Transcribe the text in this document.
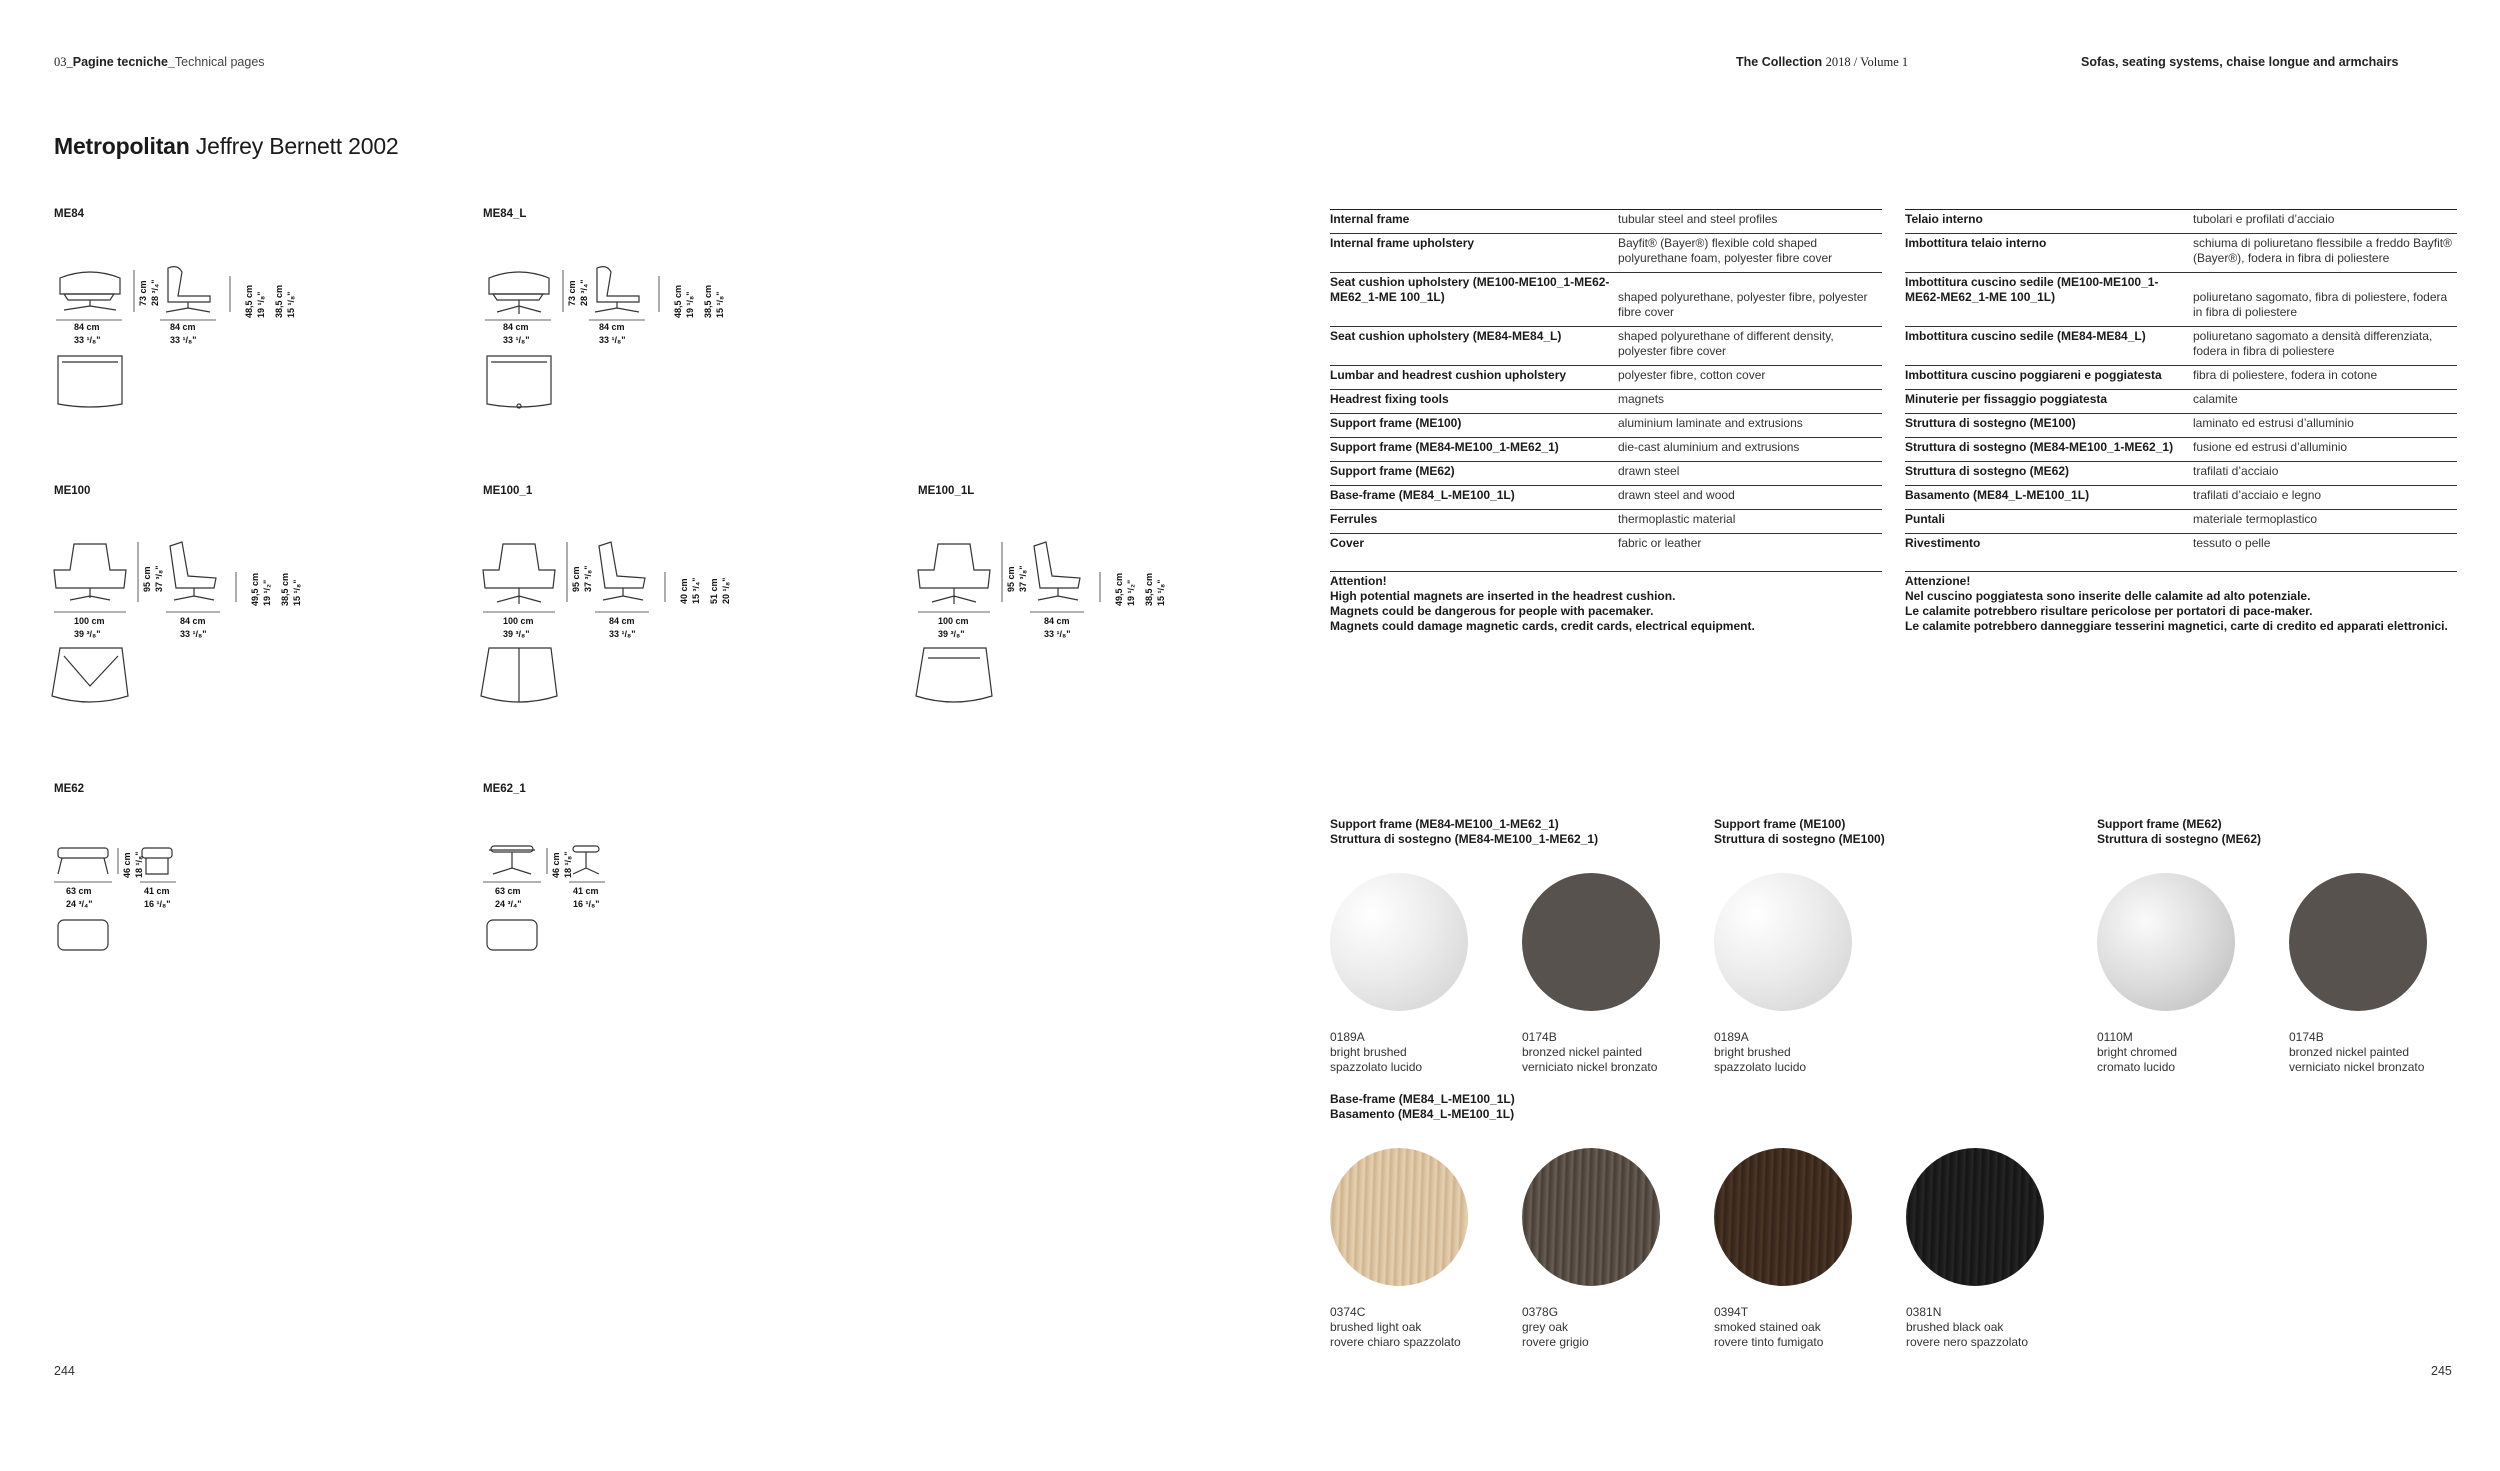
03_Pagine tecniche_Technical pages	The Collection 2018 / Volume 1	Sofas, seating systems, chaise longue and armchairs
Metropolitan Jeffrey Bernett 2002
ME84
84 cm
33 ¹/₈"
84 cm
33 ¹/₈"
73 cm 28 ³/₄"	48,5 cm 19 ¹/₈" 38,5 cm 15 ¹/₈"
ME84_L
84 cm
33 ¹/₈"
84 cm
33 ¹/₈"
73 cm 28 ³/₄"	48,5 cm 19 ¹/₈" 38,5 cm 15 ¹/₈"
ME100
100 cm
39 ³/₈"
84 cm
33 ¹/₈"
95 cm 37 ³/₈"	49,5 cm 19 ¹/₂" 38,5 cm 15 ¹/₈"
ME100_1
100 cm
39 ³/₈"
84 cm
33 ¹/₈"
95 cm 37 ³/₈"	40 cm 15 ³/₄" 51 cm 20 ¹/₈"
ME100_1L
100 cm
39 ³/₈"
84 cm
33 ¹/₈"
95 cm 37 ³/₈"	49,5 cm 19 ¹/₂" 38,5 cm 15 ¹/₈"
ME62
63 cm
24 ³/₄"
41 cm
16 ¹/₈"
46 cm 18 ¹/₈"
ME62_1
63 cm
24 ³/₄"
41 cm
16 ¹/₈"
46 cm 18 ¹/₈"
Internal frame	tubular steel and steel profiles
Internal frame upholstery	Bayfit® (Bayer®) flexible cold shaped polyurethane foam, polyester fibre cover
Seat cushion upholstery (ME100-ME100_1-ME62-ME62_1-ME 100_1L)	shaped polyurethane, polyester fibre, polyester fibre cover
Seat cushion upholstery (ME84-ME84_L)	shaped polyurethane of different density, polyester fibre cover
Lumbar and headrest cushion upholstery	polyester fibre, cotton cover
Headrest fixing tools	magnets
Support frame (ME100)	aluminium laminate and extrusions
Support frame (ME84-ME100_1-ME62_1)	die-cast aluminium and extrusions
Support frame (ME62)	drawn steel
Base-frame (ME84_L-ME100_1L)	drawn steel and wood
Ferrules	thermoplastic material
Cover	fabric or leather
Attention!
High potential magnets are inserted in the headrest cushion.
Magnets could be dangerous for people with pacemaker.
Magnets could damage magnetic cards, credit cards, electrical equipment.
Telaio interno	tubolari e profilati d’acciaio
Imbottitura telaio interno	schiuma di poliuretano flessibile a freddo Bayfit® (Bayer®), fodera in fibra di poliestere
Imbottitura cuscino sedile (ME100-ME100_1-ME62-ME62_1-ME 100_1L)	poliuretano sagomato, fibra di poliestere, fodera in fibra di poliestere
Imbottitura cuscino sedile (ME84-ME84_L)	poliuretano sagomato a densità differenziata, fodera in fibra di poliestere
Imbottitura cuscino poggiareni e poggiatesta	fibra di poliestere, fodera in cotone
Minuterie per fissaggio poggiatesta	calamite
Struttura di sostegno (ME100)	laminato ed estrusi d’alluminio
Struttura di sostegno (ME84-ME100_1-ME62_1)	fusione ed estrusi d’alluminio
Struttura di sostegno (ME62)	trafilati d’acciaio
Basamento (ME84_L-ME100_1L)	trafilati d’acciaio e legno
Puntali	materiale termoplastico
Rivestimento	tessuto o pelle
Attenzione!
Nel cuscino poggiatesta sono inserite delle calamite ad alto potenziale.
Le calamite potrebbero risultare pericolose per portatori di pace-maker.
Le calamite potrebbero danneggiare tesserini magnetici, carte di credito ed apparati elettronici.
Support frame (ME84-ME100_1-ME62_1)
Struttura di sostegno (ME84-ME100_1-ME62_1)
Support frame (ME100)
Struttura di sostegno (ME100)
Support frame (ME62)
Struttura di sostegno (ME62)
Base-frame (ME84_L-ME100_1L)
Basamento (ME84_L-ME100_1L)
0189A
bright brushed
spazzolato lucido
0174B
bronzed nickel painted
verniciato nickel bronzato
0189A
bright brushed
spazzolato lucido
0110M
bright chromed
cromato lucido
0174B
bronzed nickel painted
verniciato nickel bronzato
0374C
brushed light oak
rovere chiaro spazzolato
0378G
grey oak
rovere grigio
0394T
smoked stained oak
rovere tinto fumigato
0381N
brushed black oak
rovere nero spazzolato
244	245
